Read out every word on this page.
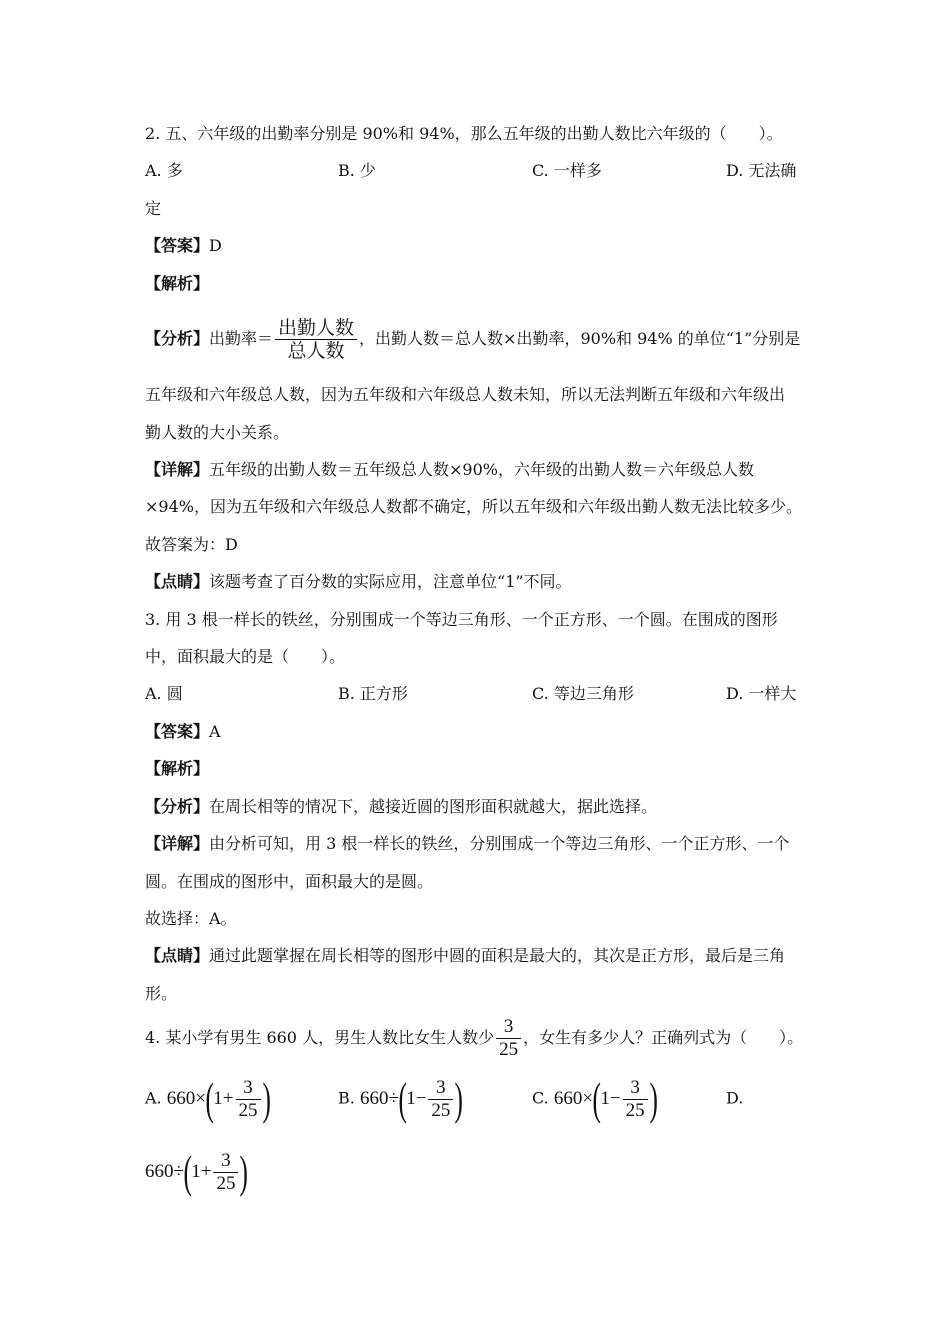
2. 五、六年级的出勤率分别是 90%和 94%，那么五年级的出勤人数比六年级的（　　）。
A. 多	B. 少	C. 一样多	D. 无法确
定
【答案】D
【解析】
【分析】出勤率＝ $\frac{\text{出勤人数}}{\text{总人数}}$ ，出勤人数＝总人数×出勤率，90%和 94% 的单位“1”分别是
五年级和六年级总人数，因为五年级和六年级总人数未知，所以无法判断五年级和六年级出
勤人数的大小关系。
【详解】五年级的出勤人数＝五年级总人数×90%，六年级的出勤人数＝六年级总人数
×94%，因为五年级和六年级总人数都不确定，所以五年级和六年级出勤人数无法比较多少。
故答案为：D
【点睛】该题考查了百分数的实际应用，注意单位“1”不同。
3. 用 3 根一样长的铁丝，分别围成一个等边三角形、一个正方形、一个圆。在围成的图形
中，面积最大的是（　　）。
A. 圆	B. 正方形	C. 等边三角形	D. 一样大
【答案】A
【解析】
【分析】在周长相等的情况下，越接近圆的图形面积就越大，据此选择。
【详解】由分析可知，用 3 根一样长的铁丝，分别围成一个等边三角形、一个正方形、一个
圆。在围成的图形中，面积最大的是圆。
故选择：A。
【点睛】通过此题掌握在周长相等的图形中圆的面积是最大的，其次是正方形，最后是三角
形。
4. 某小学有男生 660 人，男生人数比女生人数少 $\frac{3}{25}$ ，女生有多少人？正确列式为（　　）。
A. $660\times(1+ \frac{3}{25}$ )	B. $660\div(1- \frac{3}{25}$ )	C. $660\times(1- \frac{3}{25}$ )	D.
$660\div(1+ \frac{3}{25}$ )
